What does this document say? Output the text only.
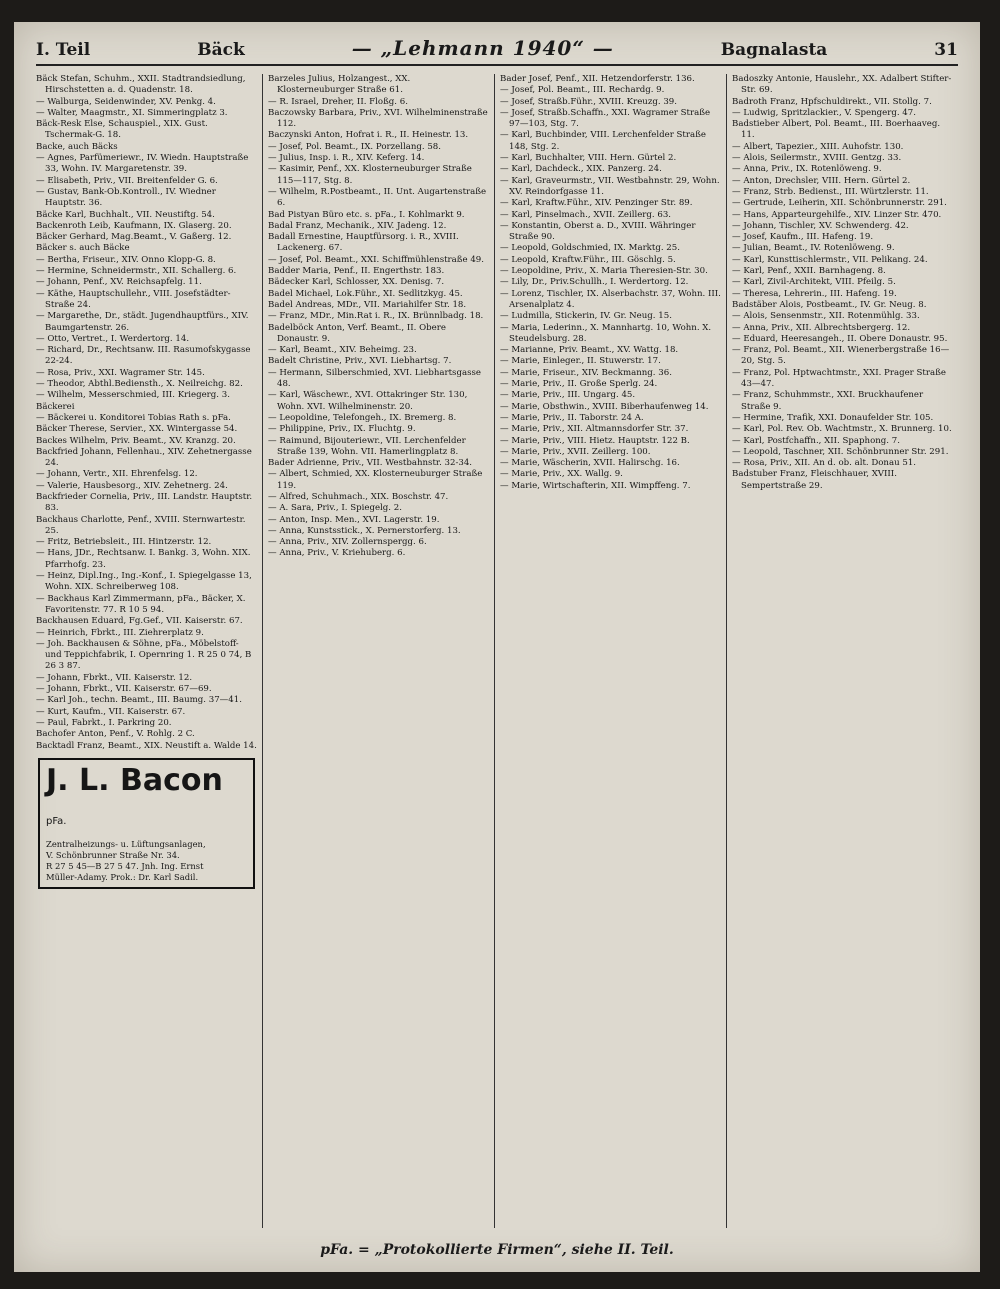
I. Teil	Bäck	— „Lehmann 1940“ —	Bagnalasta	31

Bäck Stefan, Schuhm., XXII. Stadtrandsiedlung, Hirschstetten a. d. Quadenstr. 18.

— Walburga, Seidenwinder, XV. Penkg. 4.

— Walter, Maagmstr., XI. Simmeringplatz 3.

Bäck-Resk Else, Schauspiel., XIX. Gust. Tschermak-G. 18.

Backe, auch Bäcks

— Agnes, Parfümeriewr., IV. Wiedn. Hauptstraße 33, Wohn. IV. Margaretenstr. 39.

— Elisabeth, Priv., VII. Breitenfelder G. 6.

— Gustav, Bank-Ob.Kontroll., IV. Wiedner Hauptstr. 36.

Bäcke Karl, Buchhalt., VII. Neustiftg. 54.

Backenroth Leib, Kaufmann, IX. Glaserg. 20.

Bäcker Gerhard, Mag.Beamt., V. Gaßerg. 12.

Bäcker s. auch Bäcke

— Bertha, Friseur., XIV. Onno Klopp-G. 8.

— Hermine, Schneidermstr., XII. Schallerg. 6.

— Johann, Penf., XV. Reichsapfelg. 11.

— Käthe, Hauptschullehr., VIII. Josefstädter-Straße 24.

— Margarethe, Dr., städt. Jugendhauptfürs., XIV. Baumgartenstr. 26.

— Otto, Vertret., I. Werdertorg. 14.

— Richard, Dr., Rechtsanw. III. Rasumofskygasse 22-24.

— Rosa, Priv., XXI. Wagramer Str. 145.

— Theodor, Abthl.Bediensth., X. Neilreichg. 82.

— Wilhelm, Messerschmied, III. Kriegerg. 3.

Bäckerei

— Bäckerei u. Konditorei Tobias Rath s. pFa.

Bäcker Therese, Servier., XX. Wintergasse 54.

Backes Wilhelm, Priv. Beamt., XV. Kranzg. 20.

Backfried Johann, Fellenhau., XIV. Zehetnergasse 24.

— Johann, Vertr., XII. Ehrenfelsg. 12.

— Valerie, Hausbesorg., XIV. Zehetnerg. 24.

Backfrieder Cornelia, Priv., III. Landstr. Hauptstr. 83.

Backhaus Charlotte, Penf., XVIII. Sternwartestr. 25.

— Fritz, Betriebsleit., III. Hintzerstr. 12.

— Hans, JDr., Rechtsanw. I. Bankg. 3, Wohn. XIX. Pfarrhofg. 23.

— Heinz, Dipl.Ing., Ing.-Konf., I. Spiegelgasse 13, Wohn. XIX. Schreiberweg 108.

— Backhaus Karl Zimmermann, pFa., Bäcker, X. Favoritenstr. 77. R 10 5 94.

Backhausen Eduard, Fg.Gef., VII. Kaiserstr. 67.

— Heinrich, Fbrkt., III. Ziehrerplatz 9.

— Joh. Backhausen & Söhne, pFa., Möbelstoff- und Teppichfabrik, I. Opernring 1. R 25 0 74, B 26 3 87.

— Johann, Fbrkt., VII. Kaiserstr. 12.

— Johann, Fbrkt., VII. Kaiserstr. 67—69.

— Karl Joh., techn. Beamt., III. Baumg. 37—41.

— Kurt, Kaufm., VII. Kaiserstr. 67.

— Paul, Fabrkt., I. Parkring 20.

Bachofer Anton, Penf., V. Rohlg. 2 C.

Backtadl Franz, Beamt., XIX. Neustift a. Walde 14.

J. L. Bacon pFa.
Zentralheizungs- u. Lüftungsanlagen,
V. Schönbrunner Straße Nr. 34.
R 27 5 45—B 27 5 47. Jnh. Ing. Ernst
Müller-Adamy. Prok.: Dr. Karl Sadil.

Barzeles Julius, Holzangest., XX. Klosterneuburger Straße 61.

— R. Israel, Dreher, II. Floßg. 6.

Baczowsky Barbara, Priv., XVI. Wilhelminenstraße 112.

Baczynski Anton, Hofrat i. R., II. Heinestr. 13.

— Josef, Pol. Beamt., IX. Porzellang. 58.

— Julius, Insp. i. R., XIV. Keferg. 14.

— Kasimir, Penf., XX. Klosterneuburger Straße 115—117, Stg. 8.

— Wilhelm, R.Postbeamt., II. Unt. Augartenstraße 6.

Bad Pistyan Büro etc. s. pFa., I. Kohlmarkt 9.

Badal Franz, Mechanik., XIV. Jadeng. 12.

Badall Ernestine, Hauptfürsorg. i. R., XVIII. Lackenerg. 67.

— Josef, Pol. Beamt., XXI. Schiffmühlenstraße 49.

Badder Maria, Penf., II. Engerthstr. 183.

Bädecker Karl, Schlosser, XX. Denisg. 7.

Badel Michael, Lok.Führ., XI. Sedlitzkyg. 45.

Badel Andreas, MDr., VII. Mariahilfer Str. 18.

— Franz, MDr., Min.Rat i. R., IX. Brünnlbadg. 18.

Badelböck Anton, Verf. Beamt., II. Obere Donaustr. 9.

— Karl, Beamt., XIV. Beheimg. 23.

Badelt Christine, Priv., XVI. Liebhartsg. 7.

— Hermann, Silberschmied, XVI. Liebhartsgasse 48.

— Karl, Wäschewr., XVI. Ottakringer Str. 130, Wohn. XVI. Wilhelminenstr. 20.

— Leopoldine, Telefongeh., IX. Bremerg. 8.

— Philippine, Priv., IX. Fluchtg. 9.

— Raimund, Bijouteriewr., VII. Lerchenfelder Straße 139, Wohn. VII. Hamerlingplatz 8.

Bader Adrienne, Priv., VII. Westbahnstr. 32-34.

— Albert, Schmied, XX. Klosterneuburger Straße 119.

— Alfred, Schuhmach., XIX. Boschstr. 47.

— A. Sara, Priv., I. Spiegelg. 2.

— Anton, Insp. Men., XVI. Lagerstr. 19.

— Anna, Kunstsstick., X. Pernerstorferg. 13.

— Anna, Priv., XIV. Zollernspergg. 6.

— Anna, Priv., V. Kriehuberg. 6.

Bader Josef, Penf., XII. Hetzendorferstr. 136.

— Josef, Pol. Beamt., III. Rechardg. 9.

— Josef, Straßb.Führ., XVIII. Kreuzg. 39.

— Josef, Straßb.Schaffn., XXI. Wagramer Straße 97—103, Stg. 7.

— Karl, Buchbinder, VIII. Lerchenfelder Straße 148, Stg. 2.

— Karl, Buchhalter, VIII. Hern. Gürtel 2.

— Karl, Dachdeck., XIX. Panzerg. 24.

— Karl, Graveurmstr., VII. Westbahnstr. 29, Wohn. XV. Reindorfgasse 11.

— Karl, Kraftw.Führ., XIV. Penzinger Str. 89.

— Karl, Pinselmach., XVII. Zeillerg. 63.

— Konstantin, Oberst a. D., XVIII. Währinger Straße 90.

— Leopold, Goldschmied, IX. Marktg. 25.

— Leopold, Kraftw.Führ., III. Göschlg. 5.

— Leopoldine, Priv., X. Maria Theresien-Str. 30.

— Lily, Dr., Priv.Schullh., I. Werdertorg. 12.

— Lorenz, Tischler, IX. Alserbachstr. 37, Wohn. III. Arsenalplatz 4.

— Ludmilla, Stickerin, IV. Gr. Neug. 15.

— Maria, Lederinn., X. Mannhartg. 10, Wohn. X. Steudelsburg. 28.

— Marianne, Priv. Beamt., XV. Wattg. 18.

— Marie, Einleger., II. Stuwerstr. 17.

— Marie, Friseur., XIV. Beckmanng. 36.

— Marie, Priv., II. Große Sperlg. 24.

— Marie, Priv., III. Ungarg. 45.

— Marie, Obsthwin., XVIII. Biberhaufenweg 14.

— Marie, Priv., II. Taborstr. 24 A.

— Marie, Priv., XII. Altmannsdorfer Str. 37.

— Marie, Priv., VIII. Hietz. Hauptstr. 122 B.

— Marie, Priv., XVII. Zeillerg. 100.

— Marie, Wäscherin, XVII. Halirschg. 16.

— Marie, Priv., XX. Wallg. 9.

— Marie, Wirtschafterin, XII. Wimpffeng. 7.

Badoszky Antonie, Hauslehr., XX. Adalbert Stifter-Str. 69.

Badroth Franz, Hpfschuldirekt., VII. Stollg. 7.

— Ludwig, Spritzlackier., V. Spengerg. 47.

Badstieber Albert, Pol. Beamt., III. Boerhaaveg. 11.

— Albert, Tapezier., XIII. Auhofstr. 130.

— Alois, Seilermstr., XVIII. Gentzg. 33.

— Anna, Priv., IX. Rotenlöweng. 9.

— Anton, Drechsler, VIII. Hern. Gürtel 2.

— Franz, Strb. Bedienst., III. Würtzlerstr. 11.

— Gertrude, Leiherin, XII. Schönbrunnerstr. 291.

— Hans, Apparteurgehilfe., XIV. Linzer Str. 470.

— Johann, Tischler, XV. Schwenderg. 42.

— Josef, Kaufm., III. Hafeng. 19.

— Julian, Beamt., IV. Rotenlöweng. 9.

— Karl, Kunsttischlermstr., VII. Pelikang. 24.

— Karl, Penf., XXII. Barnhageng. 8.

— Karl, Zivil-Architekt, VIII. Pfeilg. 5.

— Theresa, Lehrerin., III. Hafeng. 19.

Badstäber Alois, Postbeamt., IV. Gr. Neug. 8.

— Alois, Sensenmstr., XII. Rotenmühlg. 33.

— Anna, Priv., XII. Albrechtsbergerg. 12.

— Eduard, Heeresangeh., II. Obere Donaustr. 95.

— Franz, Pol. Beamt., XII. Wienerbergstraße 16—20, Stg. 5.

— Franz, Pol. Hptwachtmstr., XXI. Prager Straße 43—47.

— Franz, Schuhmmstr., XXI. Bruckhaufener Straße 9.

— Hermine, Trafik, XXI. Donaufelder Str. 105.

— Karl, Pol. Rev. Ob. Wachtmstr., X. Brunnerg. 10.

— Karl, Postfchaffn., XII. Spaphong. 7.

— Leopold, Taschner, XII. Schönbrunner Str. 291.

— Rosa, Priv., XII. An d. ob. alt. Donau 51.

Badstuber Franz, Fleischhauer, XVIII. Sempertstraße 29.

pFa. = „Protokollierte Firmen“, siehe II. Teil.
